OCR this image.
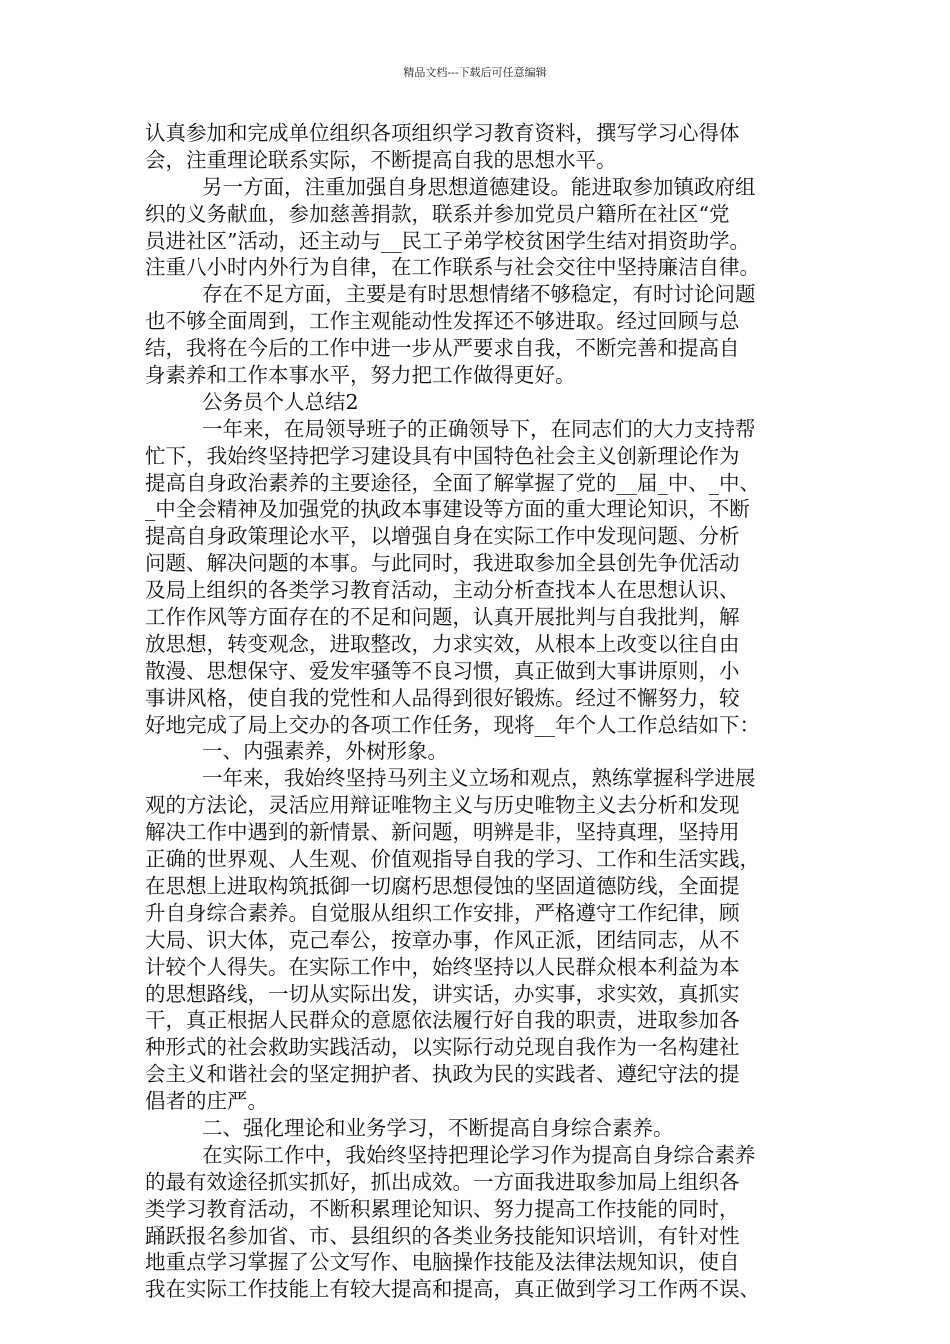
精品文档---下载后可任意编辑
认真参加和完成单位组织各项组织学习教育资料，撰写学习心得体
会，注重理论联系实际，不断提高自我的思想水平。
另一方面，注重加强自身思想道德建设。能进取参加镇政府组
织的义务献血，参加慈善捐款，联系并参加党员户籍所在社区“党
员进社区”活动，还主动与__民工子弟学校贫困学生结对捐资助学。
注重八小时内外行为自律，在工作联系与社会交往中坚持廉洁自律。
存在不足方面，主要是有时思想情绪不够稳定，有时讨论问题
也不够全面周到，工作主观能动性发挥还不够进取。经过回顾与总
结，我将在今后的工作中进一步从严要求自我，不断完善和提高自
身素养和工作本事水平，努力把工作做得更好。
公务员个人总结2
一年来，在局领导班子的正确领导下，在同志们的大力支持帮
忙下，我始终坚持把学习建设具有中国特色社会主义创新理论作为
提高自身政治素养的主要途径，全面了解掌握了党的__届_中、_中、
_中全会精神及加强党的执政本事建设等方面的重大理论知识，不断
提高自身政策理论水平，以增强自身在实际工作中发现问题、分析
问题、解决问题的本事。与此同时，我进取参加全县创先争优活动
及局上组织的各类学习教育活动，主动分析查找本人在思想认识、
工作作风等方面存在的不足和问题，认真开展批判与自我批判，解
放思想，转变观念，进取整改，力求实效，从根本上改变以往自由
散漫、思想保守、爱发牢骚等不良习惯，真正做到大事讲原则，小
事讲风格，使自我的党性和人品得到很好锻炼。经过不懈努力，较
好地完成了局上交办的各项工作任务，现将__年个人工作总结如下：
一、内强素养，外树形象。
一年来，我始终坚持马列主义立场和观点，熟练掌握科学进展
观的方法论，灵活应用辩证唯物主义与历史唯物主义去分析和发现
解决工作中遇到的新情景、新问题，明辨是非，坚持真理，坚持用
正确的世界观、人生观、价值观指导自我的学习、工作和生活实践，
在思想上进取构筑抵御一切腐朽思想侵蚀的坚固道德防线，全面提
升自身综合素养。自觉服从组织工作安排，严格遵守工作纪律，顾
大局、识大体，克己奉公，按章办事，作风正派，团结同志，从不
计较个人得失。在实际工作中，始终坚持以人民群众根本利益为本
的思想路线，一切从实际出发，讲实话，办实事，求实效，真抓实
干，真正根据人民群众的意愿依法履行好自我的职责，进取参加各
种形式的社会救助实践活动，以实际行动兑现自我作为一名构建社
会主义和谐社会的坚定拥护者、执政为民的实践者、遵纪守法的提
倡者的庄严。
二、强化理论和业务学习，不断提高自身综合素养。
在实际工作中，我始终坚持把理论学习作为提高自身综合素养
的最有效途径抓实抓好，抓出成效。一方面我进取参加局上组织各
类学习教育活动，不断积累理论知识、努力提高工作技能的同时，
踊跃报名参加省、市、县组织的各类业务技能知识培训，有针对性
地重点学习掌握了公文写作、电脑操作技能及法律法规知识，使自
我在实际工作技能上有较大提高和提高，真正做到学习工作两不误、
